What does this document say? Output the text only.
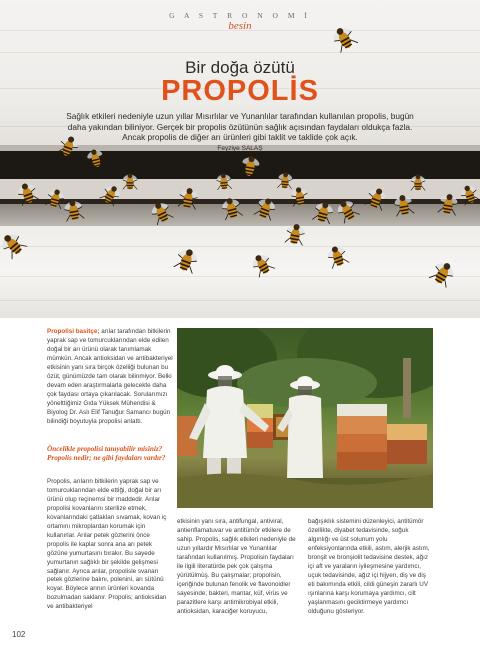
G A S T R O N O M İ
besin
Bir doğa özütü
PROPOLİS
Sağlık etkileri nedeniyle uzun yıllar Mısırlılar ve Yunanlılar tarafından kullanılan propolis, bugün daha yakından biliniyor. Gerçek bir propolis özütünün sağlık açısından faydaları oldukça fazla. Ancak propolis de diğer arı ürünleri gibi taklit ve taklide çok açık.
Feyziye SALAŞ

Propolisi basitçe; arılar tarafından bitkilerin yaprak sap ve tomurcuklarından elde edilen doğal bir arı ürünü olarak tanımlamak mümkün. Ancak antioksidan ve antibakteriyel etkisinin yanı sıra birçok özelliği bulunan bu özüt, günümüzde tam olarak bilinmiyor. Belki devam eden araştırmalarla gelecekte daha çok faydası ortaya çıkarılacak. Sorularımızı yönelttiğimiz Gıda Yüksek Mühendisi & Biyolog Dr. Aslı Elif Tanuğur Samancı bugün bilindiği boyutuyla propolisi anlattı.

Öncelikle propolisi tanıyabilir misiniz? Propolis nedir; ne gibi faydaları vardır?
Propolis, arıların bitkilerin yaprak sap ve tomurcuklarından elde ettiği, doğal bir arı ürünü olup reçinemsi bir maddedir. Arılar propolisi kovanlarını sterilize etmek, kovanlarındaki çatlakları sıvamak, kovan iç ortamını mikroplardan korumak için kullanırlar. Arılar petek gözlerini önce propolis ile kaplar sonra ana arı petek gözüne yumurtasını bırakır. Bu sayede yumurtanın sağlıklı bir şekilde gelişmesi sağlanır. Ayrıca arılar, propolisle svanan petek gözlerine balını, polenini, arı sütünü koyar. Böylece arının ürünleri kovanda bozulmadan saklanır. Propolis; antioksidan ve antibakteriyel
etkisinin yanı sıra, antifungal, antiviral, antienflamatuvar ve antitümör etkilere de sahip. Propolis, sağlık etkileri nedeniyle de uzun yıllardır Mısırlılar ve Yunanlılar tarafından kullanılmış. Propolisin faydaları ile ilgili literatürde pek çok çalışma yürütülmüş. Bu çalışmalar; propolisin, içeriğinde bulunan fenolik ve flavonoidler sayesinde; bakteri, mantar, küf, virüs ve parazitlere karşı antimikrobiyal etkili, antioksidan, karaciğer koruyucu,
bağışıklık sistemini düzenleyici, antitümör özellikte, diyabet tedavisinde, soğuk algınlığı ve üst solunum yolu enfeksiyonlarında etkili, astım, alerjik astım, bronşit ve bronşiolit tedavisine destek, ağız içi aft ve yaraların iyileşmesine yardımcı, uçuk tedavisinde, ağız içi hijyen, diş ve diş eti bakımında etkili, cildi güneşin zararlı UV ışınlarına karşı korumaya yardımcı, cilt yaşlanmasını geciktirmeye yardımcı olduğunu gösteriyor.
102
